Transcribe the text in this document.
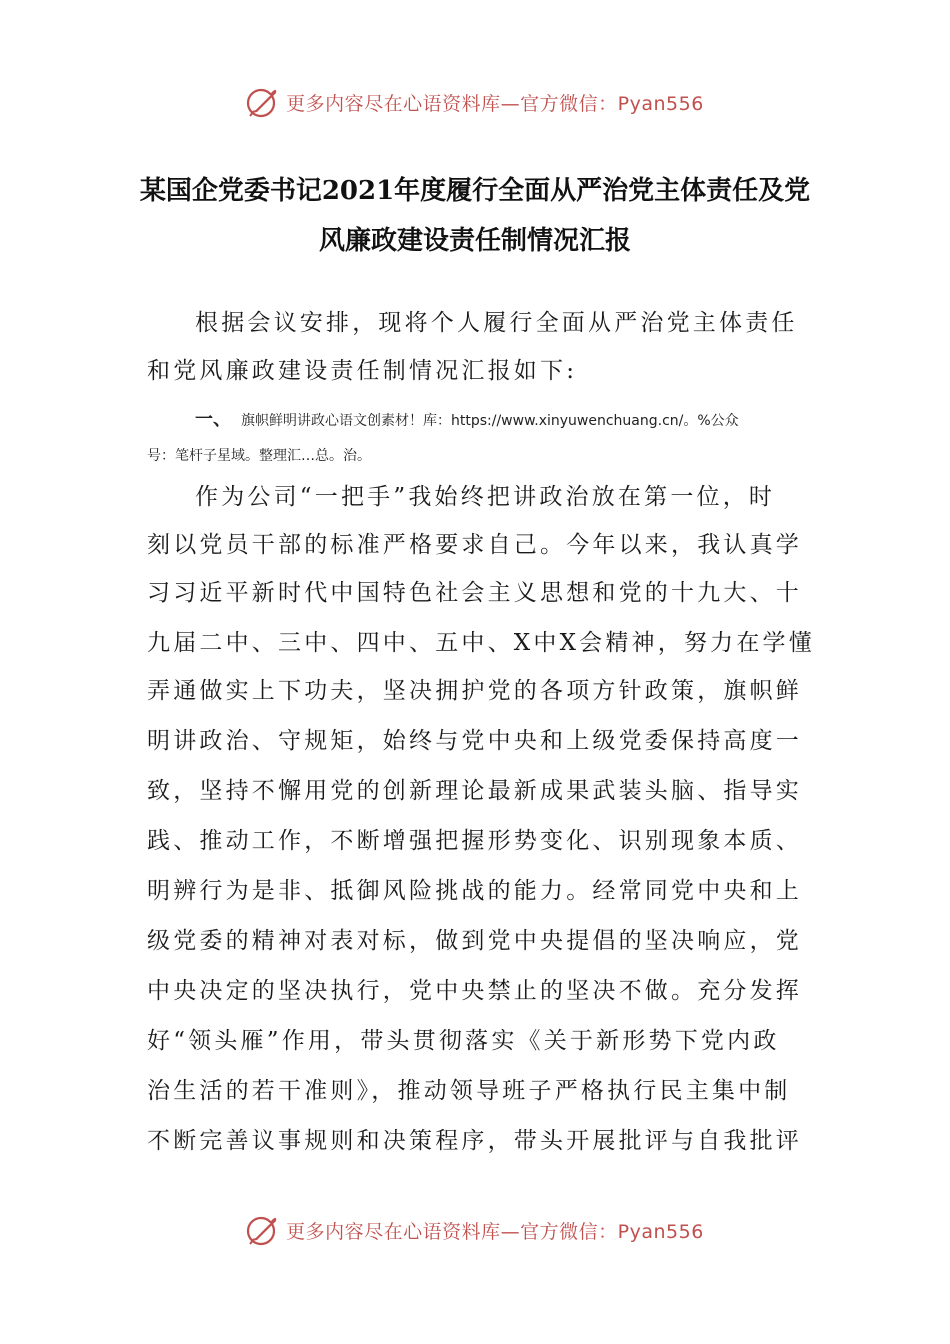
更多内容尽在心语资料库—官方微信：Pyan556
某国企党委书记2021年度履行全面从严治党主体责任及党
风廉政建设责任制情况汇报
根据会议安排，现将个人履行全面从严治党主体责任
和党风廉政建设责任制情况汇报如下:
一、 旗帜鲜明讲政心语文创素材！库：https://www.xinyuwenchuang.cn/。%公众
号：笔杆子星域。整理汇…总。治。
作为公司“一把手”我始终把讲政治放在第一位，时
刻以党员干部的标准严格要求自己。今年以来，我认真学
习习近平新时代中国特色社会主义思想和党的十九大、十
九届二中、三中、四中、五中、X中X会精神，努力在学懂
弄通做实上下功夫，坚决拥护党的各项方针政策，旗帜鲜
明讲政治、守规矩，始终与党中央和上级党委保持高度一
致，坚持不懈用党的创新理论最新成果武装头脑、指导实
践、推动工作，不断增强把握形势变化、识别现象本质、
明辨行为是非、抵御风险挑战的能力。经常同党中央和上
级党委的精神对表对标，做到党中央提倡的坚决响应，党
中央决定的坚决执行，党中央禁止的坚决不做。充分发挥
好“领头雁”作用，带头贯彻落实《关于新形势下党内政
治生活的若干准则》，推动领导班子严格执行民主集中制
不断完善议事规则和决策程序，带头开展批评与自我批评
更多内容尽在心语资料库—官方微信：Pyan556
